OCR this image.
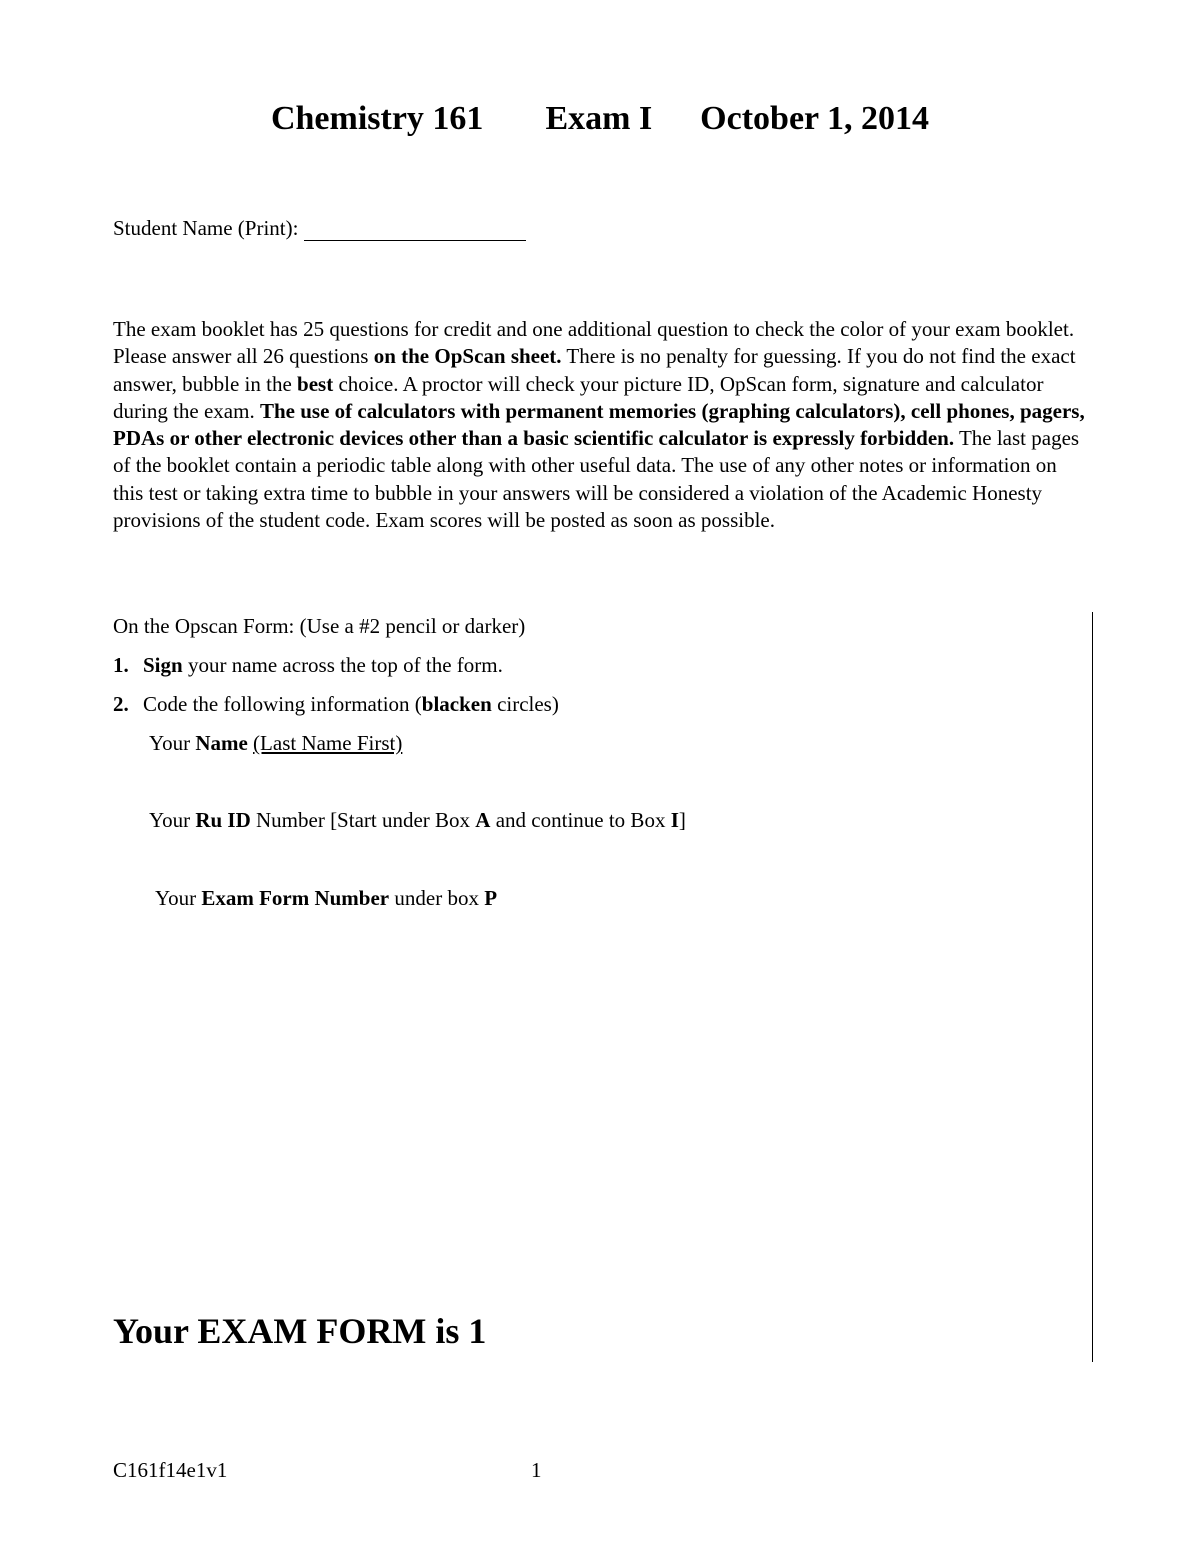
Chemistry 161 Exam I October 1, 2014
Student Name (Print):
The exam booklet has 25 questions for credit and one additional question to check the color of your exam booklet. Please answer all 26 questions on the OpScan sheet. There is no penalty for guessing. If you do not find the exact answer, bubble in the best choice. A proctor will check your picture ID, OpScan form, signature and calculator during the exam. The use of calculators with permanent memories (graphing calculators), cell phones, pagers, PDAs or other electronic devices other than a basic scientific calculator is expressly forbidden. The last pages of the booklet contain a periodic table along with other useful data. The use of any other notes or information on this test or taking extra time to bubble in your answers will be considered a violation of the Academic Honesty provisions of the student code. Exam scores will be posted as soon as possible.
On the Opscan Form: (Use a #2 pencil or darker)
1. Sign your name across the top of the form.
2. Code the following information (blacken circles)
Your Name (Last Name First)
Your Ru ID Number [Start under Box A and continue to Box I]
Your Exam Form Number under box P
Your EXAM FORM is 1
C161f14e1v1	1
